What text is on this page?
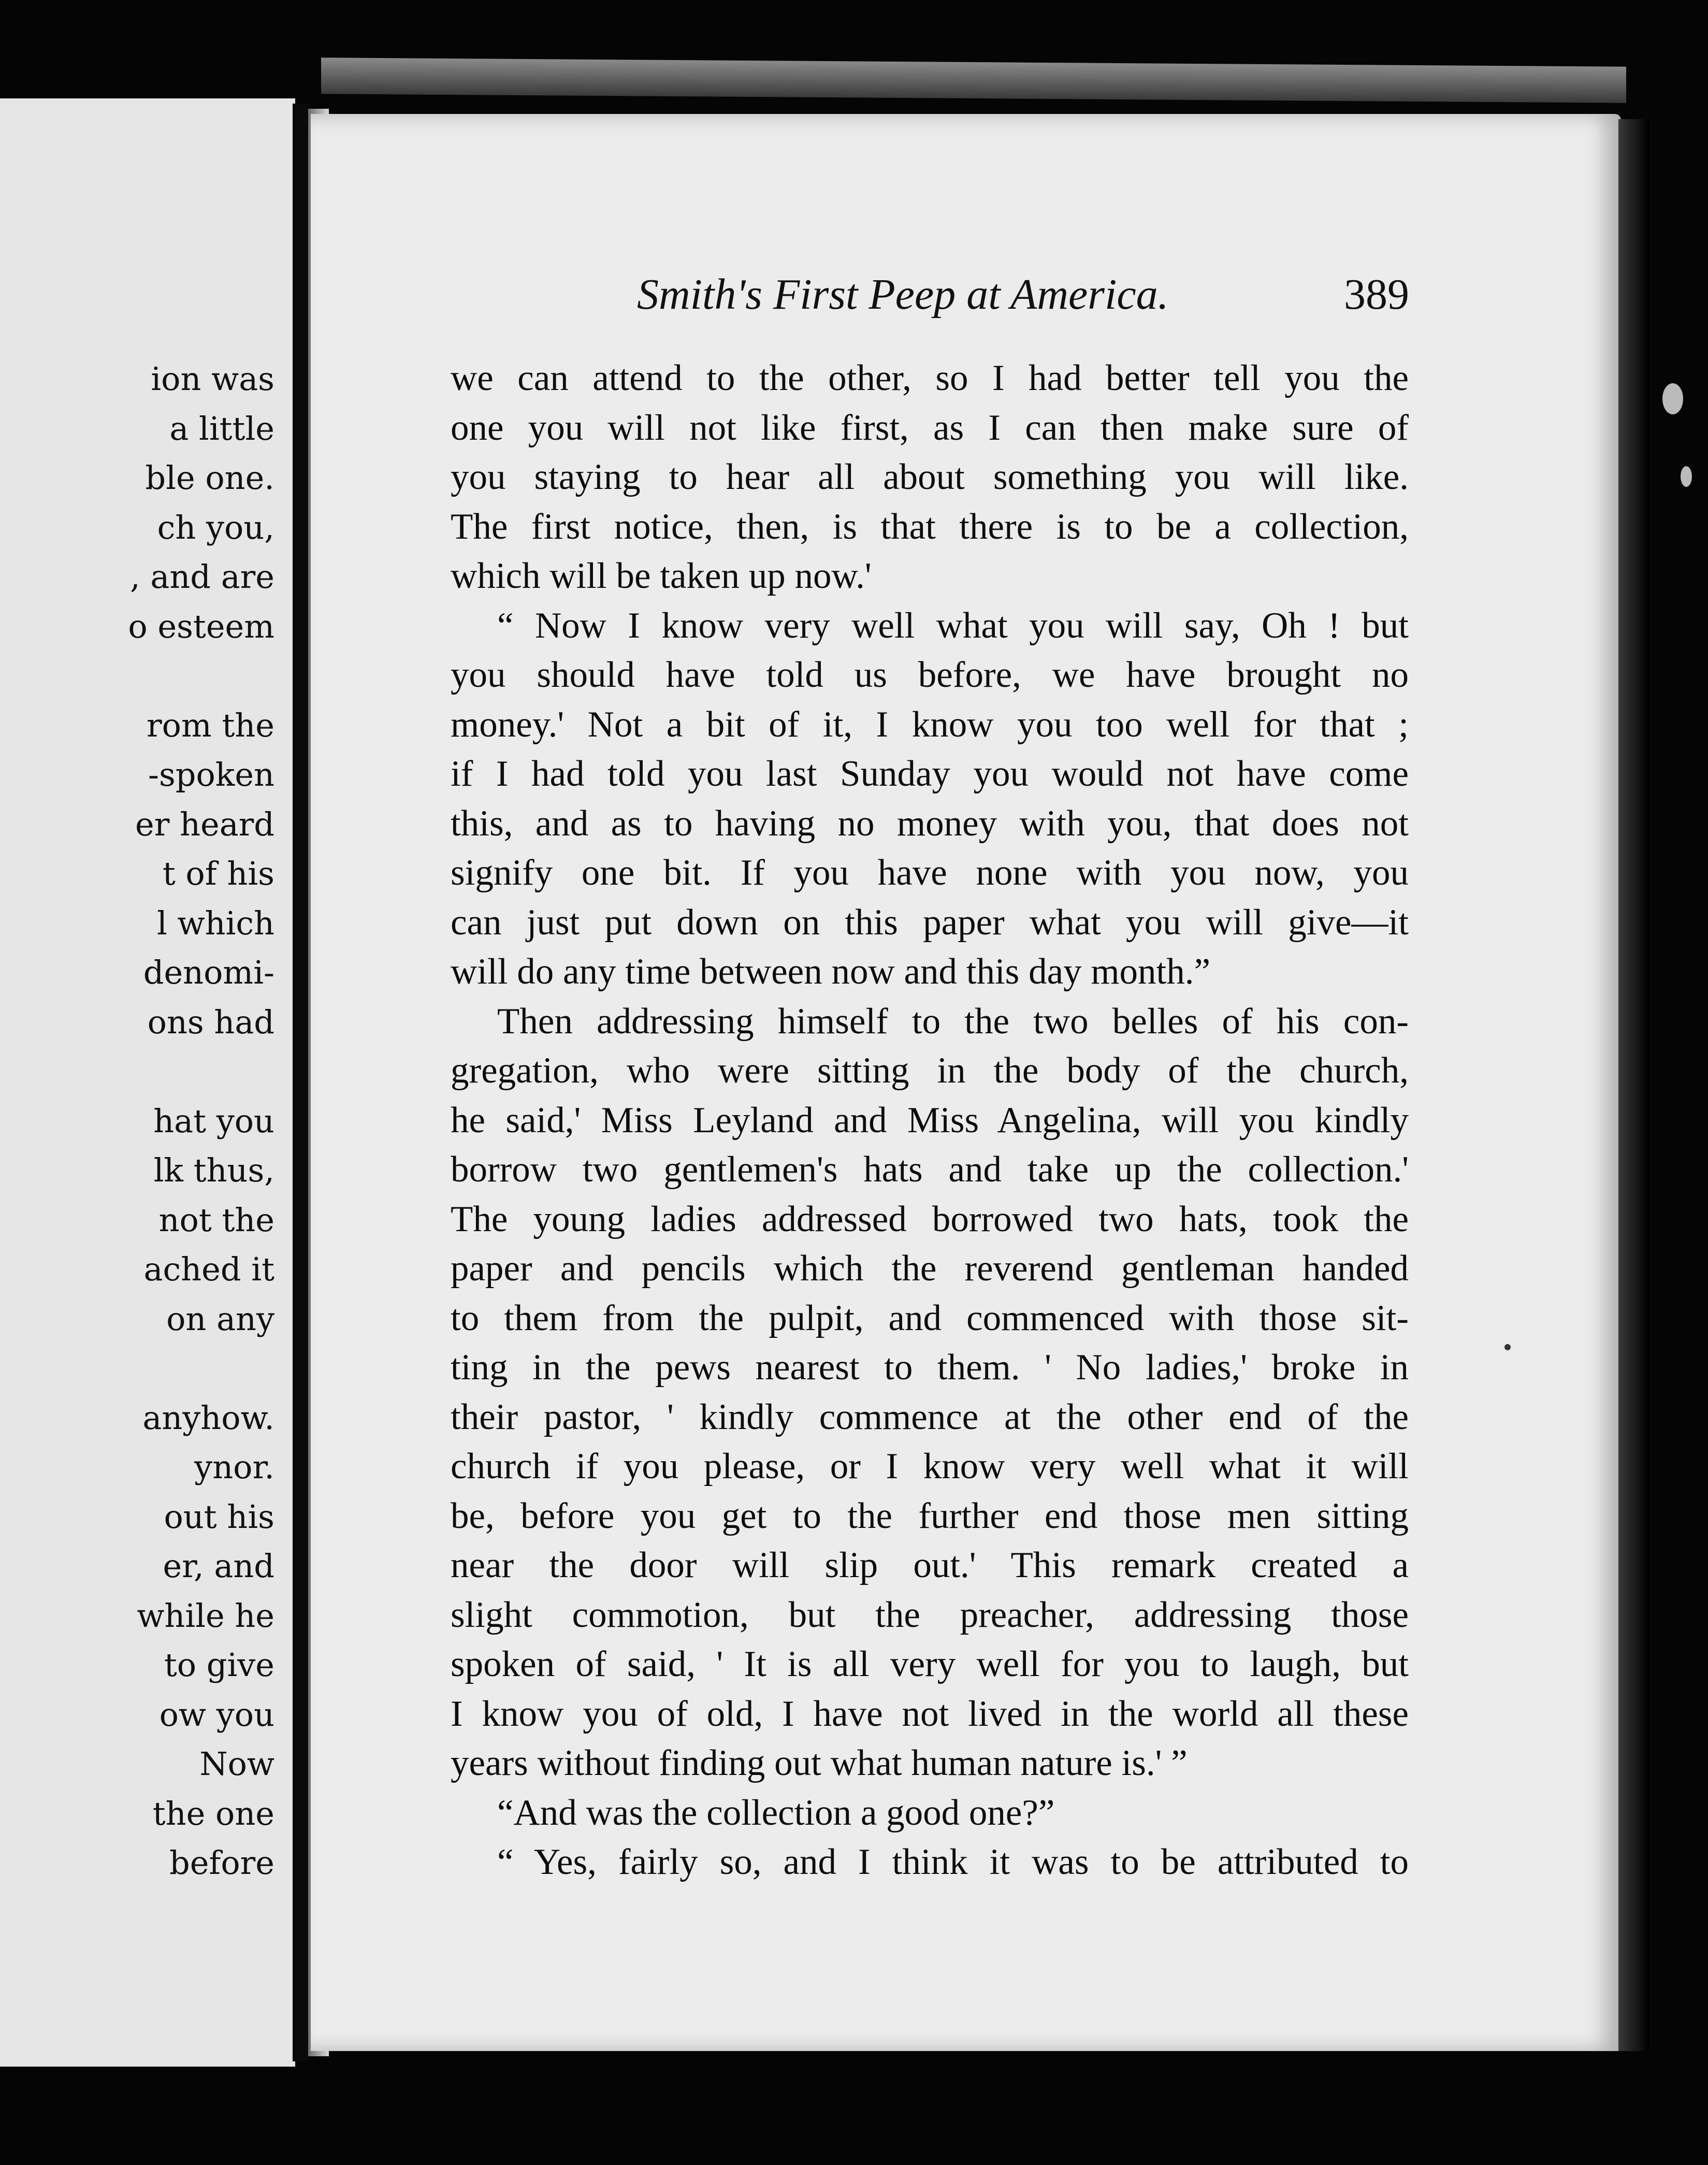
ion was
a little
ble one.
ch you,
, and are
o esteem
rom the
-spoken
er heard
t of his
l which
denomi-
ons had
hat you
lk thus,
not the
ached it
on any
anyhow.
ynor.
out his
er, and
while he
to give
ow you
Now
the one
before
Smith's First Peep at America.	389
we can attend to the other, so I had better tell you the
one you will not like first, as I can then make sure of
you staying to hear all about something you will like.
The first notice, then, is that there is to be a collection,
which will be taken up now.'
“ Now I know very well what you will say, Oh ! but
you should have told us before, we have brought no
money.' Not a bit of it, I know you too well for that ;
if I had told you last Sunday you would not have come
this, and as to having no money with you, that does not
signify one bit. If you have none with you now, you
can just put down on this paper what you will give—it
will do any time between now and this day month.”
Then addressing himself to the two belles of his con-
gregation, who were sitting in the body of the church,
he said,' Miss Leyland and Miss Angelina, will you kindly
borrow two gentlemen's hats and take up the collection.'
The young ladies addressed borrowed two hats, took the
paper and pencils which the reverend gentleman handed
to them from the pulpit, and commenced with those sit-
ting in the pews nearest to them. ' No ladies,' broke in
their pastor, ' kindly commence at the other end of the
church if you please, or I know very well what it will
be, before you get to the further end those men sitting
near the door will slip out.' This remark created a
slight commotion, but the preacher, addressing those
spoken of said, ' It is all very well for you to laugh, but
I know you of old, I have not lived in the world all these
years without finding out what human nature is.' ”
“And was the collection a good one?”
“ Yes, fairly so, and I think it was to be attributed to
